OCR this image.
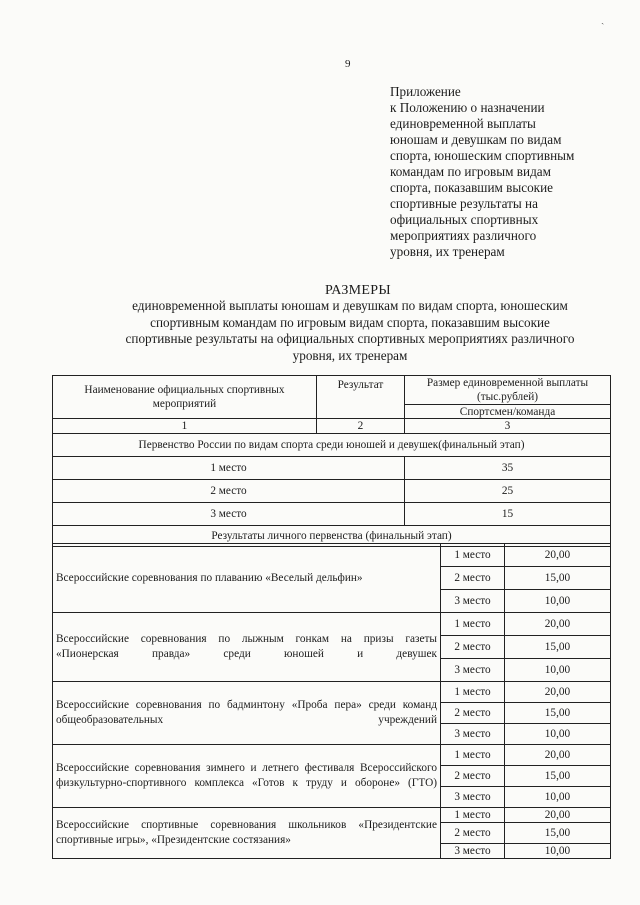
ˎ
9
Приложение
к Положению о назначении
единовременной выплаты
юношам и девушкам по видам
спорта, юношеским спортивным
командам по игровым видам
спорта, показавшим высокие
спортивные результаты на
официальных спортивных
мероприятиях различного
уровня, их тренерам
РАЗМЕРЫ
единовременной выплаты юношам и девушкам по видам спорта, юношеским
спортивным командам по игровым видам спорта, показавшим высокие
спортивные результаты на официальных спортивных мероприятиях различного
уровня, их тренерам
Наименование официальных спортивных мероприятий	Результат	Размер единовременной выплаты (тыс.рублей)
		Спортсмен/команда
1	2	3
Первенство России по видам спорта среди юношей и девушек(финальный этап)		
1 место		35
2 место		25
3 место		15
Результаты личного первенства (финальный этап)		
Всероссийские соревнования по плаванию «Веселый дельфин»	1 место	20,00
	2 место	15,00
	3 место	10,00
Всероссийские соревнования по лыжным гонкам на призы газеты «Пионерская правда» среди юношей и девушек	1 место	20,00
	2 место	15,00
	3 место	10,00
Всероссийские соревнования по бадминтону «Проба пера» среди команд общеобразовательных учреждений	1 место	20,00
	2 место	15,00
	3 место	10,00
Всероссийские соревнования зимнего и летнего фестиваля Всероссийского физкультурно-спортивного комплекса «Готов к труду и обороне» (ГТО)	1 место	20,00
	2 место	15,00
	3 место	10,00
Всероссийские спортивные соревнования школьников «Президентские спортивные игры», «Президентские состязания»	1 место	20,00
	2 место	15,00
	3 место	10,00
